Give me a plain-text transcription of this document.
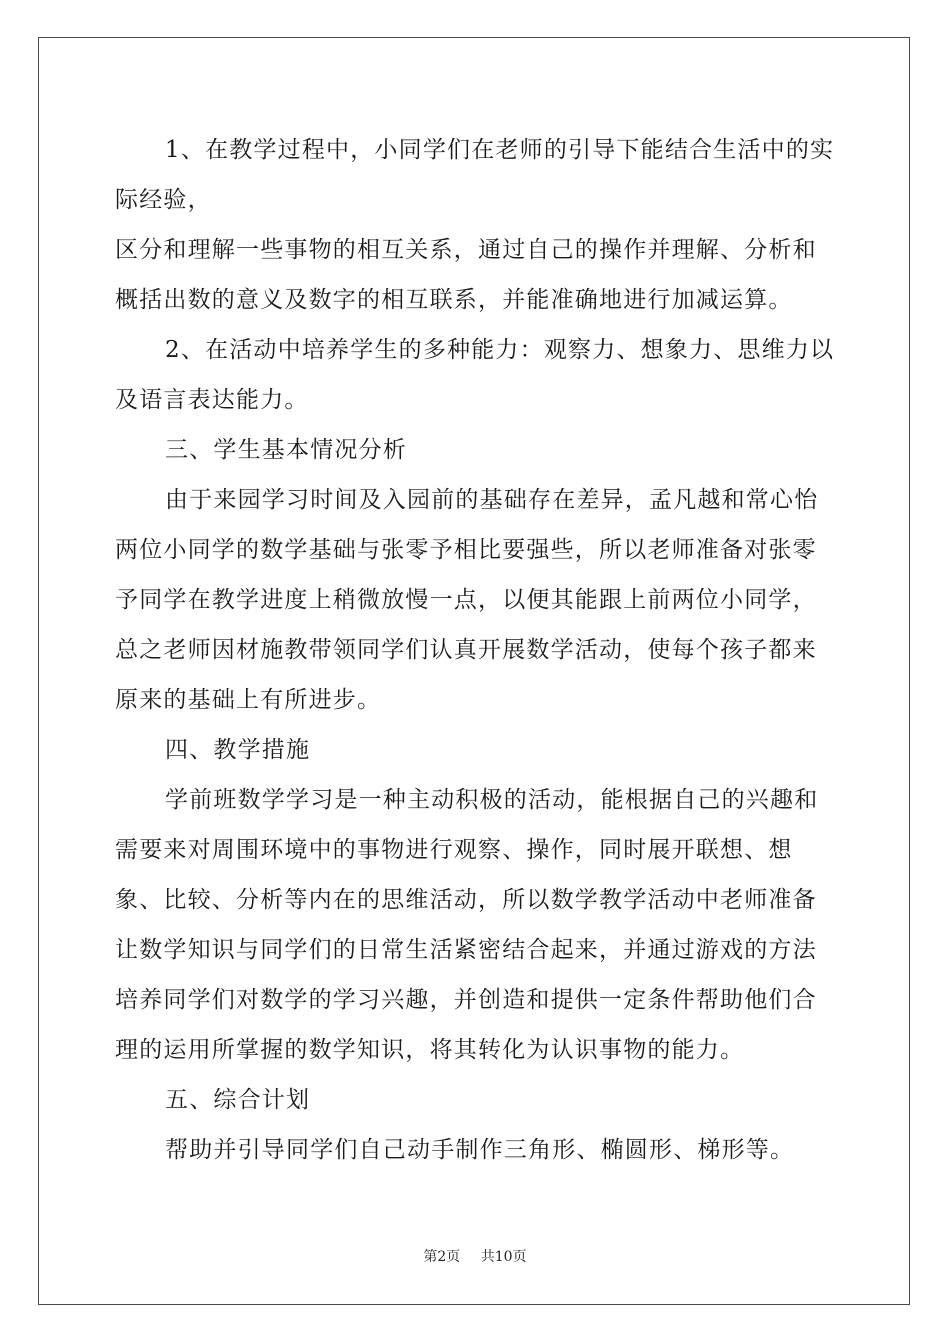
1、在教学过程中，小同学们在老师的引导下能结合生活中的实际经验，

区分和理解一些事物的相互关系，通过自己的操作并理解、分析和概括出数的意义及数字的相互联系，并能准确地进行加减运算。

2、在活动中培养学生的多种能力：观察力、想象力、思维力以及语言表达能力。

三、学生基本情况分析

由于来园学习时间及入园前的基础存在差异，孟凡越和常心怡两位小同学的数学基础与张零予相比要强些，所以老师准备对张零予同学在教学进度上稍微放慢一点，以便其能跟上前两位小同学，总之老师因材施教带领同学们认真开展数学活动，使每个孩子都来原来的基础上有所进步。

四、教学措施

学前班数学学习是一种主动积极的活动，能根据自己的兴趣和需要来对周围环境中的事物进行观察、操作，同时展开联想、想象、比较、分析等内在的思维活动，所以数学教学活动中老师准备让数学知识与同学们的日常生活紧密结合起来，并通过游戏的方法培养同学们对数学的学习兴趣，并创造和提供一定条件帮助他们合理的运用所掌握的数学知识，将其转化为认识事物的能力。

五、综合计划

帮助并引导同学们自己动手制作三角形、椭圆形、梯形等。

第2页 共10页
